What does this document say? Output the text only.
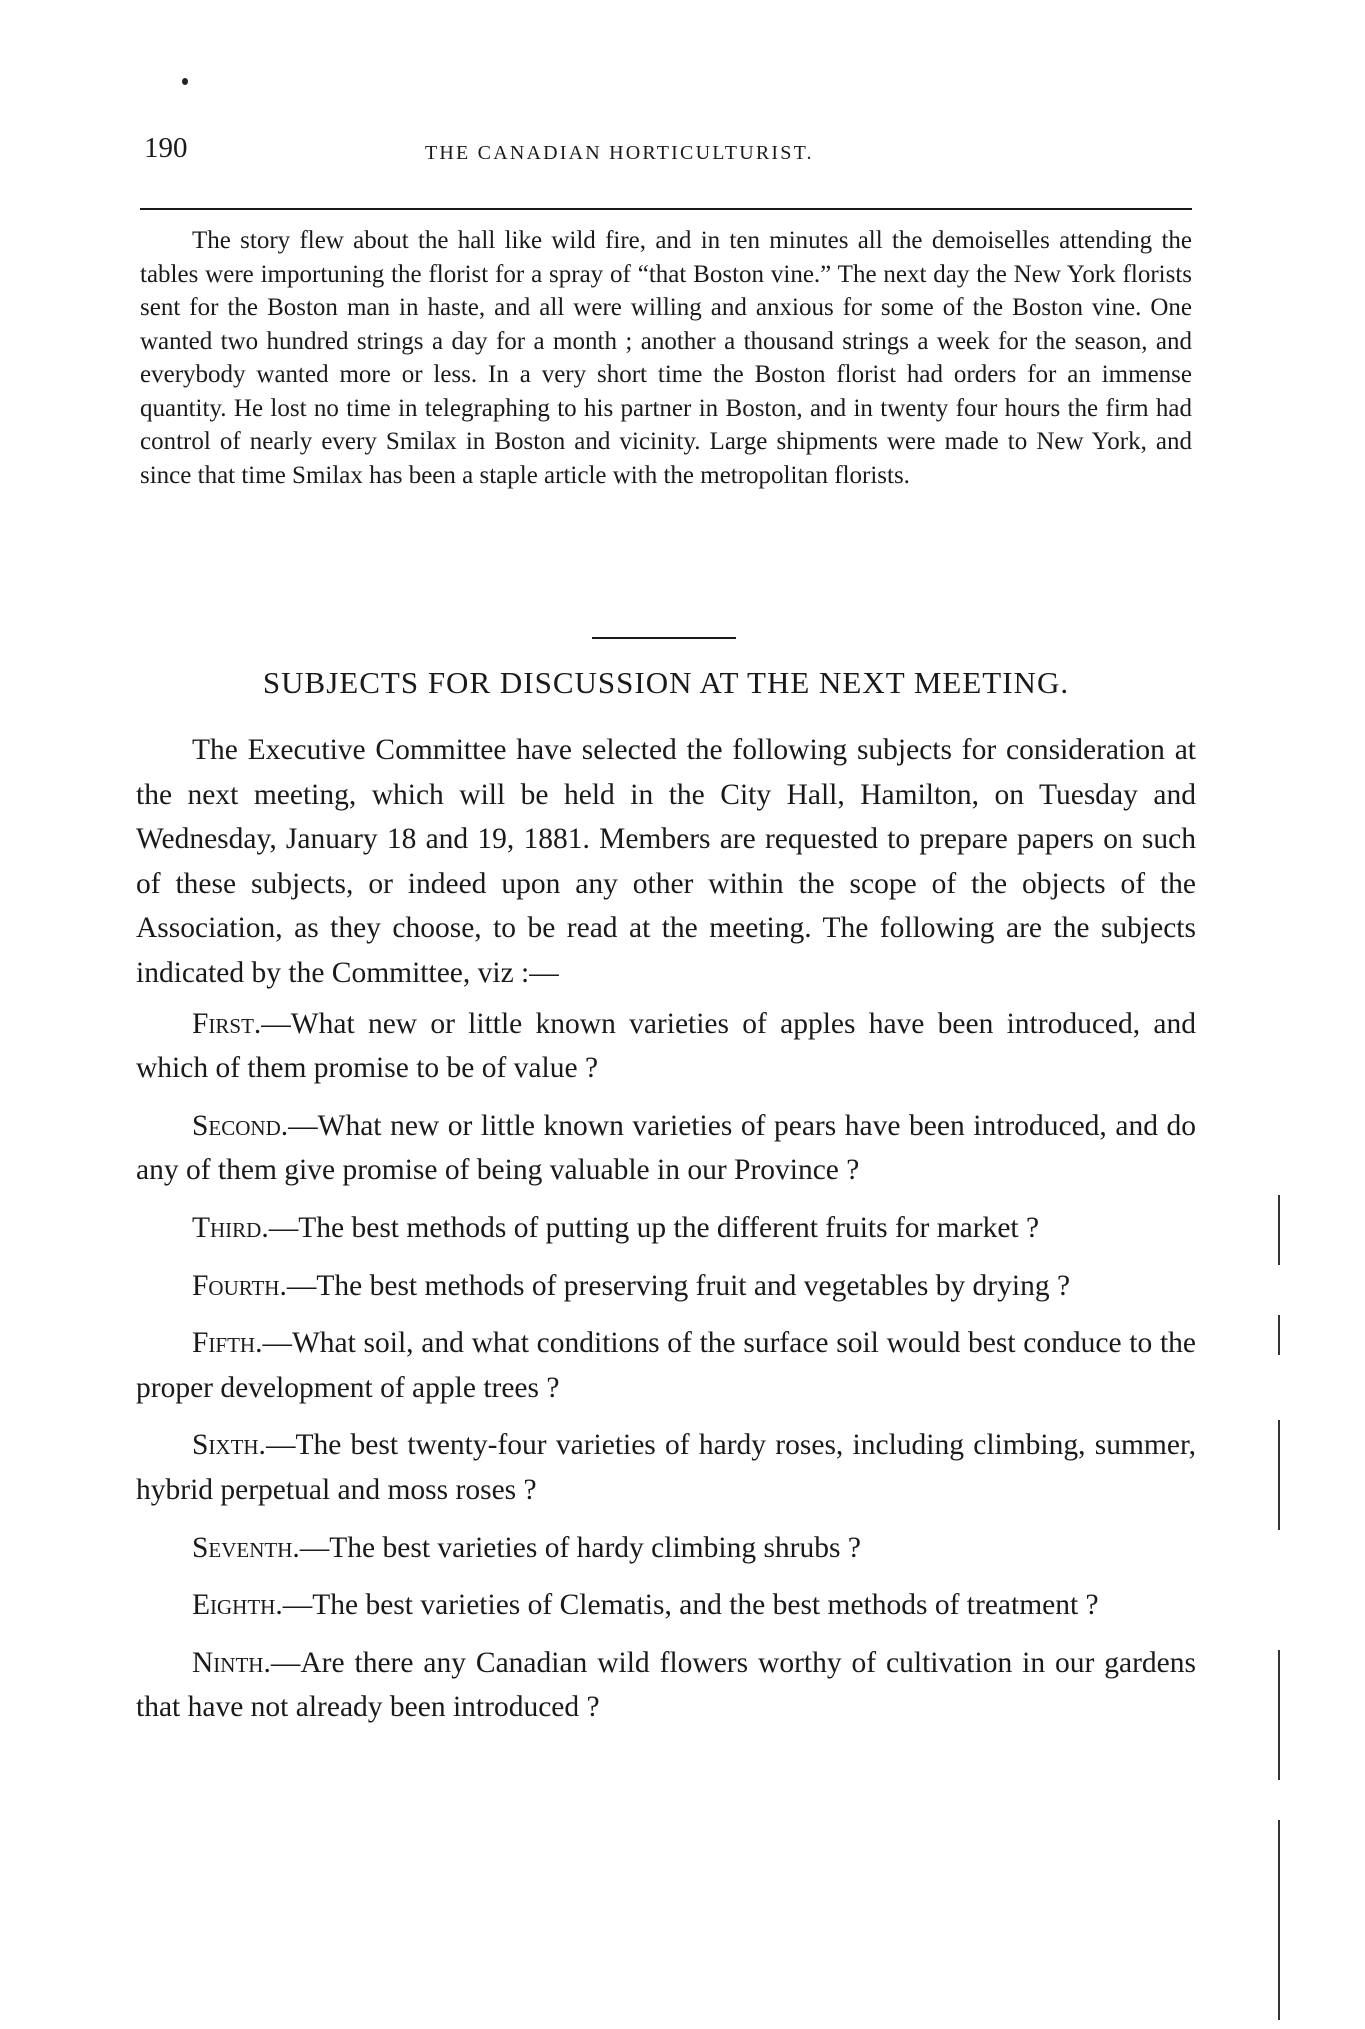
190	THE CANADIAN HORTICULTURIST.

The story flew about the hall like wild fire, and in ten minutes all the demoiselles attending the tables were importuning the florist for a spray of “that Boston vine.” The next day the New York florists sent for the Boston man in haste, and all were willing and anxious for some of the Boston vine. One wanted two hundred strings a day for a month ; another a thousand strings a week for the season, and everybody wanted more or less. In a very short time the Boston florist had orders for an immense quantity. He lost no time in telegraphing to his partner in Boston, and in twenty four hours the firm had control of nearly every Smilax in Boston and vicinity. Large shipments were made to New York, and since that time Smilax has been a staple article with the metropolitan florists.

SUBJECTS FOR DISCUSSION AT THE NEXT MEETING.

The Executive Committee have selected the following subjects for consideration at the next meeting, which will be held in the City Hall, Hamilton, on Tuesday and Wednesday, January 18 and 19, 1881. Members are requested to prepare papers on such of these subjects, or indeed upon any other within the scope of the objects of the Association, as they choose, to be read at the meeting. The following are the subjects indicated by the Committee, viz :—

First.—What new or little known varieties of apples have been introduced, and which of them promise to be of value ?

Second.—What new or little known varieties of pears have been introduced, and do any of them give promise of being valuable in our Province ?

Third.—The best methods of putting up the different fruits for market ?

Fourth.—The best methods of preserving fruit and vegetables by drying ?

Fifth.—What soil, and what conditions of the surface soil would best conduce to the proper development of apple trees ?

Sixth.—The best twenty-four varieties of hardy roses, including climbing, summer, hybrid perpetual and moss roses ?

Seventh.—The best varieties of hardy climbing shrubs ?

Eighth.—The best varieties of Clematis, and the best methods of treatment ?

Ninth.—Are there any Canadian wild flowers worthy of cultivation in our gardens that have not already been introduced ?
